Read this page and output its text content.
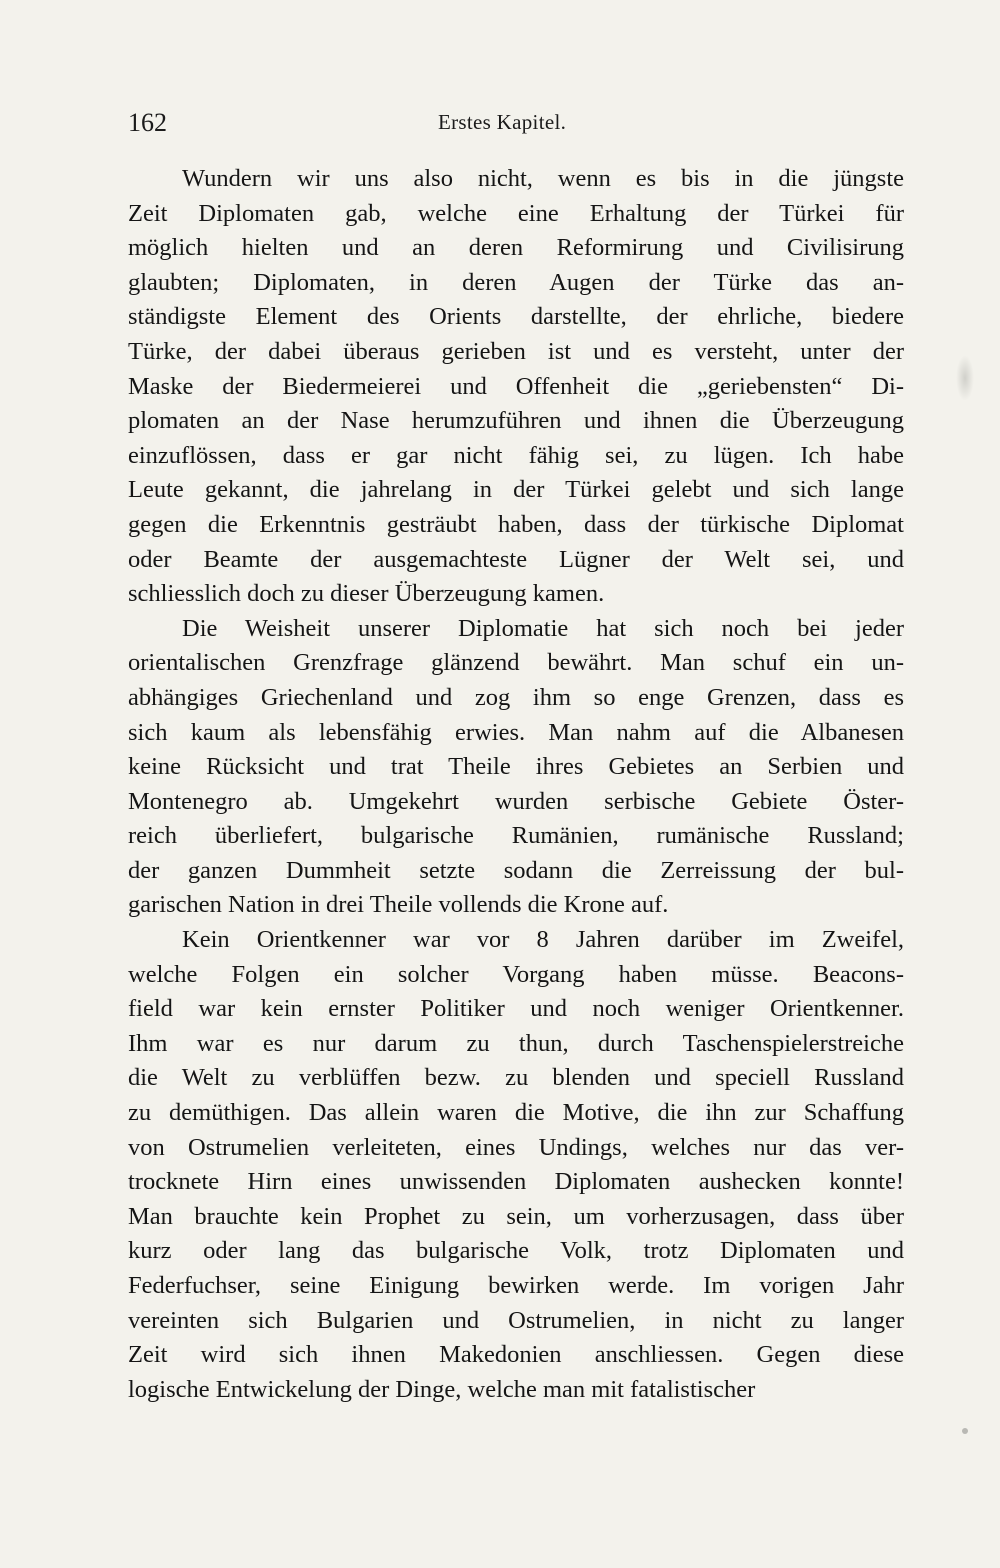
162	Erstes Kapitel.
Wundern wir uns also nicht, wenn es bis in die jüngste
Zeit Diplomaten gab, welche eine Erhaltung der Türkei für
möglich hielten und an deren Reformirung und Civilisirung
glaubten; Diplomaten, in deren Augen der Türke das an-
ständigste Element des Orients darstellte, der ehrliche, biedere
Türke, der dabei überaus gerieben ist und es versteht, unter der
Maske der Biedermeierei und Offenheit die „geriebensten“ Di-
plomaten an der Nase herumzuführen und ihnen die Überzeugung
einzuflössen, dass er gar nicht fähig sei, zu lügen. Ich habe
Leute gekannt, die jahrelang in der Türkei gelebt und sich lange
gegen die Erkenntnis gesträubt haben, dass der türkische Diplomat
oder Beamte der ausgemachteste Lügner der Welt sei, und
schliesslich doch zu dieser Überzeugung kamen.
Die Weisheit unserer Diplomatie hat sich noch bei jeder
orientalischen Grenzfrage glänzend bewährt. Man schuf ein un-
abhängiges Griechenland und zog ihm so enge Grenzen, dass es
sich kaum als lebensfähig erwies. Man nahm auf die Albanesen
keine Rücksicht und trat Theile ihres Gebietes an Serbien und
Montenegro ab. Umgekehrt wurden serbische Gebiete Öster-
reich überliefert, bulgarische Rumänien, rumänische Russland;
der ganzen Dummheit setzte sodann die Zerreissung der bul-
garischen Nation in drei Theile vollends die Krone auf.
Kein Orientkenner war vor 8 Jahren darüber im Zweifel,
welche Folgen ein solcher Vorgang haben müsse. Beacons-
field war kein ernster Politiker und noch weniger Orientkenner.
Ihm war es nur darum zu thun, durch Taschenspielerstreiche
die Welt zu verblüffen bezw. zu blenden und speciell Russland
zu demüthigen. Das allein waren die Motive, die ihn zur Schaffung
von Ostrumelien verleiteten, eines Undings, welches nur das ver-
trocknete Hirn eines unwissenden Diplomaten aushecken konnte!
Man brauchte kein Prophet zu sein, um vorherzusagen, dass über
kurz oder lang das bulgarische Volk, trotz Diplomaten und
Federfuchser, seine Einigung bewirken werde. Im vorigen Jahr
vereinten sich Bulgarien und Ostrumelien, in nicht zu langer
Zeit wird sich ihnen Makedonien anschliessen. Gegen diese
logische Entwickelung der Dinge, welche man mit fatalistischer
